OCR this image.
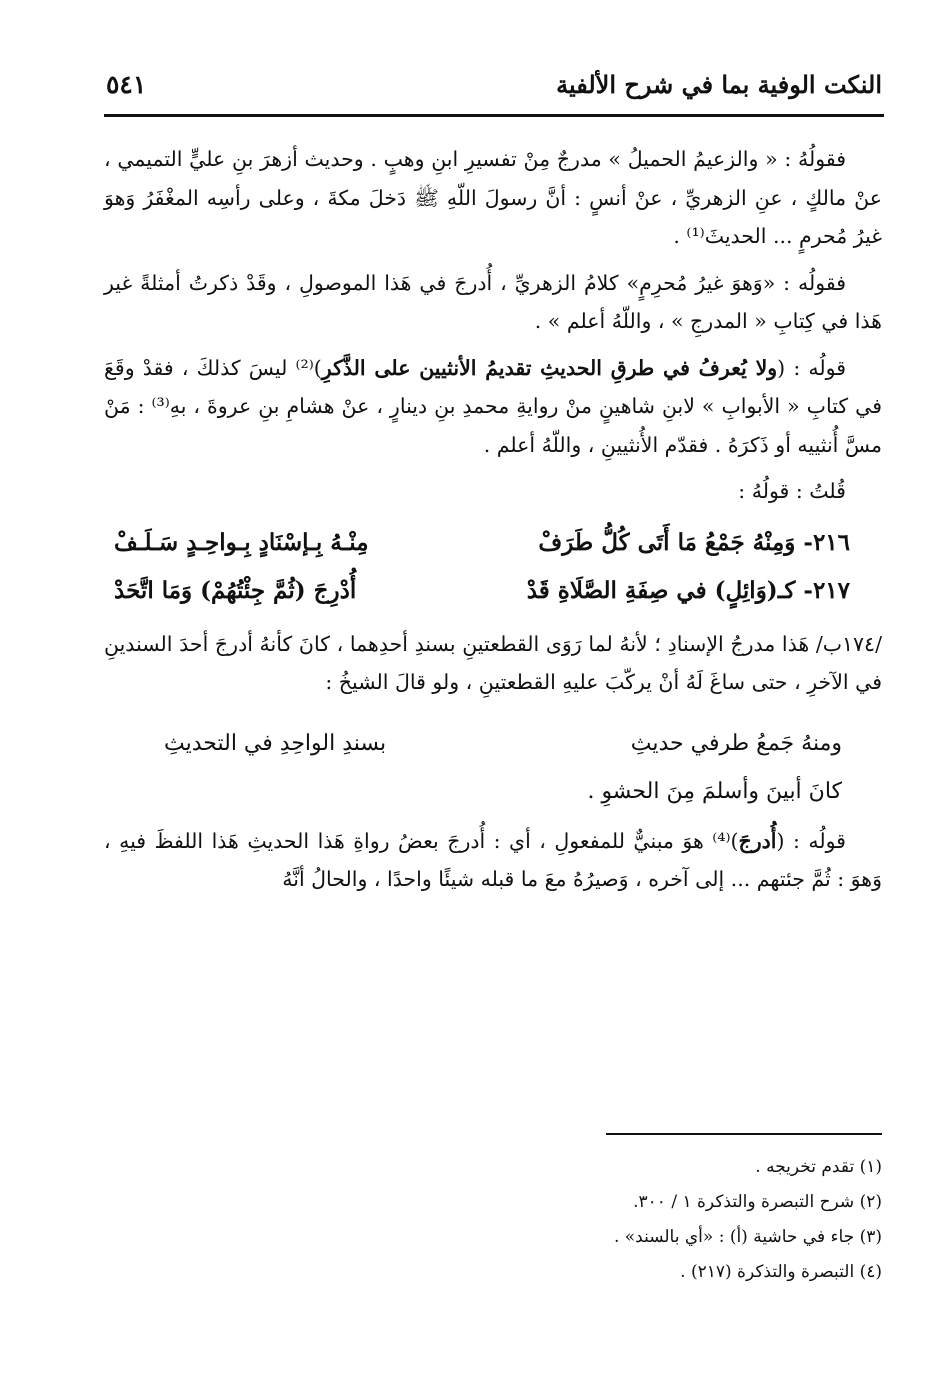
٥٤١	النكت الوفية بما في شرح الألفية

فقولُهُ : « والزعيمُ الحميلُ » مدرجٌ مِنْ تفسيرِ ابنِ وهبٍ . وحديث أزهرَ بنِ عليٍّ التميمي ، عنْ مالكٍ ، عنِ الزهريِّ ، عنْ أنسٍ : أنَّ رسولَ اللّهِ ﷺ دَخلَ مكةَ ، وعلى رأسِه المغْفَرُ وَهوَ غيرُ مُحرمٍ ... الحديثَ⁽¹⁾ .

فقولُه : «وَهوَ غيرُ مُحرِمٍ» كلامُ الزهريِّ ، أُدرجَ في هَذا الموصولِ ، وقَدْ ذكرتُ أمثلةً غير هَذا في كِتابِ « المدرجِ » ، واللّهُ أعلم » .

قولُه : (ولا يُعرفُ في طرقِ الحديثِ تقديمُ الأنثيين على الذَّكرِ)⁽²⁾ ليسَ كذلكَ ، فقدْ وقَعَ في كتابِ « الأبوابِ » لابنِ شاهينٍ منْ روايةِ محمدِ بنِ دينارٍ ، عنْ هشامِ بنِ عروةَ ، بهِ⁽³⁾ : مَنْ مسَّ أُنثييه أو ذَكرَهُ . فقدّم الأُنثيينِ ، واللّهُ أعلم .

قُلتُ : قولُهُ :

٢١٦- وَمِنْهُ جَمْعُ مَا أَتَى كُلُّ طَرَفْ
مِنْـهُ بِـإسْنَادٍ بِـواحِـدٍ سَـلَـفْ
٢١٧- كـ(وَائِلٍ) في صِفَةِ الصَّلَاةِ قَدْ
أُدْرِجَ (ثُمَّ جِئْتُهُمْ) وَمَا اتَّحَدْ

/١٧٤ب/ هَذا مدرجُ الإسنادِ ؛ لأنهُ لما رَوَى القطعتينِ بسندِ أحدِهما ، كانَ كأنهُ أدرجَ أحدَ السندينِ في الآخرِ ، حتى ساغَ لَهُ أنْ يركّبَ عليهِ القطعتينِ ، ولو قالَ الشيخُ :

ومنهُ جَمعُ طرفي حديثِ
بسندِ الواحِدِ في التحديثِ
كانَ أبينَ وأسلمَ مِنَ الحشوِ .

قولُه : (أُدرجَ)⁽⁴⁾ هوَ مبنيٌّ للمفعولِ ، أي : أُدرجَ بعضُ رواةِ هَذا الحديثِ هَذا اللفظَ فيهِ ، وَهوَ : ثُمَّ جئتهم ... إلى آخره ، وَصيرُهُ معَ ما قبله شيئًا واحدًا ، والحالُ أنَّهُ

(١) تقدم تخريجه .
(٢) شرح التبصرة والتذكرة ١ / ٣٠٠.
(٣) جاء في حاشية (أ) : «أي بالسند» .
(٤) التبصرة والتذكرة (٢١٧) .
